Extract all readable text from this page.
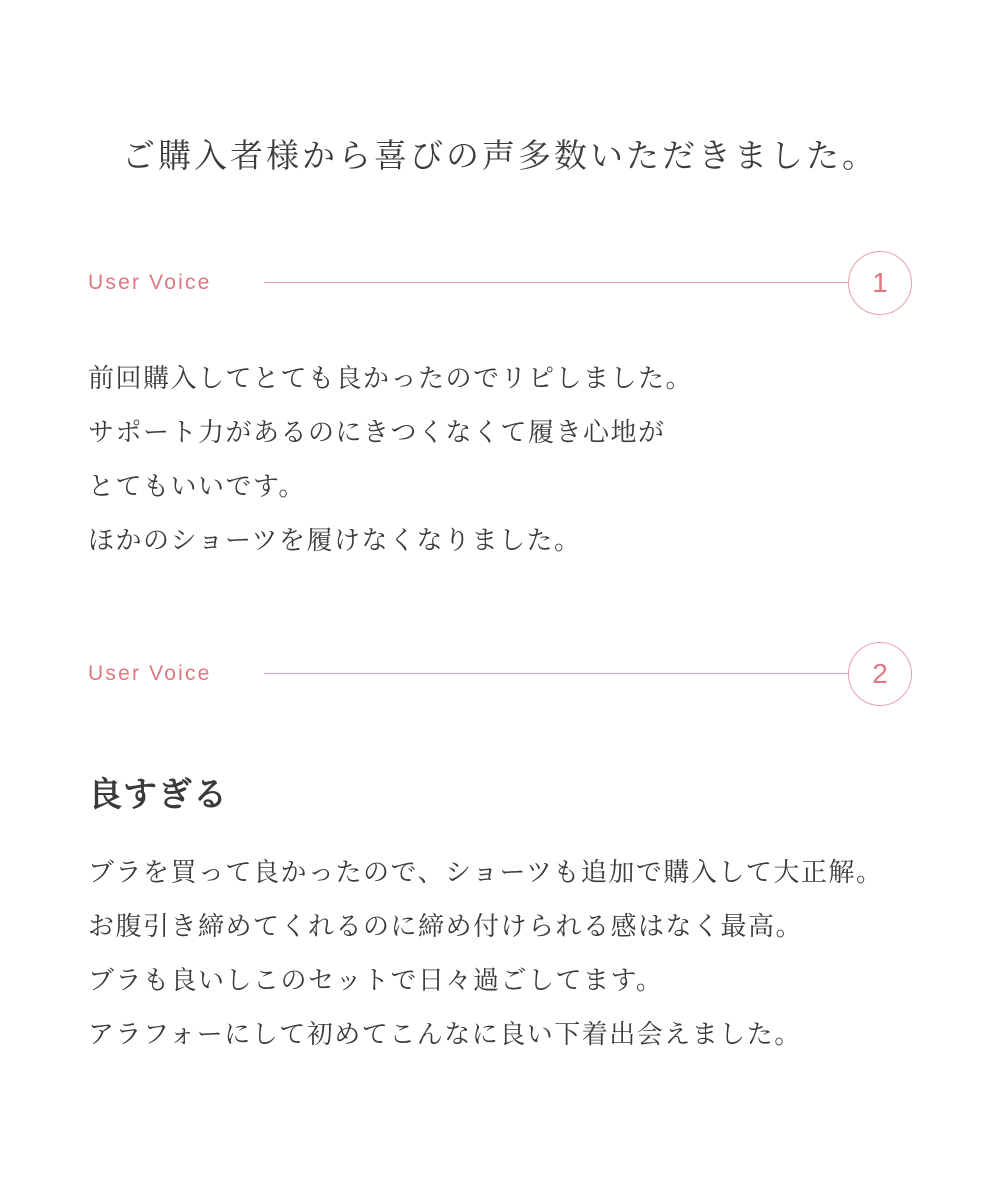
ご購入者様から喜びの声多数いただきました。
User Voice	1
前回購入してとても良かったのでリピしました。
サポート力があるのにきつくなくて履き心地が
とてもいいです。
ほかのショーツを履けなくなりました。
User Voice	2
良すぎる
ブラを買って良かったので、ショーツも追加で購入して大正解。
お腹引き締めてくれるのに締め付けられる感はなく最高。
ブラも良いしこのセットで日々過ごしてます。
アラフォーにして初めてこんなに良い下着出会えました。
